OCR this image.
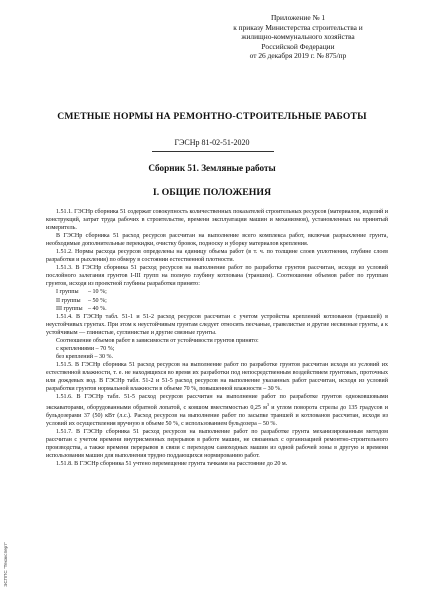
Приложение № 1
к приказу Министерства строительства и
жилищно-коммунального хозяйства
Российской Федерации
от 26 декабря 2019 г. № 875/пр
СМЕТНЫЕ НОРМЫ НА РЕМОНТНО-СТРОИТЕЛЬНЫЕ РАБОТЫ
ГЭСНр 81-02-51-2020
Сборник 51. Земляные работы
I. ОБЩИЕ ПОЛОЖЕНИЯ

1.51.1. ГЭСНр сборника 51 содержат совокупность количественных показателей строительных ресурсов (материалов, изделий и конструкций, затрат труда рабочих в строительстве, времени эксплуатации машин и механизмов), установленных на принятый измеритель.

В ГЭСНр сборника 51 расход ресурсов рассчитан на выполнение всего комплекса работ, включая разрыхление грунта, необходимые дополнительные перекидки, очистку бровок, подноску и уборку материалов крепления.

1.51.2. Нормы расхода ресурсов определены на единицу объема работ (в т. ч. по толщине слоев уплотнения, глубине слоев разработки и рыхления) по обмеру в состоянии естественной плотности.

1.51.3. В ГЭСНр сборника 51 расход ресурсов на выполнение работ по разработке грунтов рассчитан, исходя из условий послойного залегания грунтов I-III групп на полную глубину котлована (траншеи). Соотношение объемов работ по группам грунтов, исходя из проектной глубины разработки принято:

I группы	– 10 %;
II группы	– 50 %;
III группы – 40 %.

1.51.4. В ГЭСНр табл. 51-1 и 51-2 расход ресурсов рассчитан с учетом устройства креплений котлованов (траншей) в неустойчивых грунтах. При этом к неустойчивым грунтам следует относить песчаные, гравелистые и другие несвязные грунты, а к устойчивым — глинистые, суглинистые и другие связные грунты.

Соотношение объемов работ в зависимости от устойчивости грунтов принято:

с креплениями – 70 %;

без креплений – 30 %.

1.51.5. В ГЭСНр сборника 51 расход ресурсов на выполнение работ по разработке грунтов рассчитан исходя из условий их естественной влажности, т. е. не находящихся во время их разработки под непосредственным воздействием грунтовых, проточных или дождевых вод. В ГЭСНр табл. 51-2 и 51-5 расход ресурсов на выполнение указанных работ рассчитан, исходя из условий разработки грунтов нормальной влажности в объеме 70 %, повышенной влажности – 30 %.

1.51.6. В ГЭСНр табл. 51-5 расход ресурсов рассчитан на выполнение работ по разработке грунтов одноковшовыми экскаваторами, оборудованными обратной лопатой, с ковшом вместимостью 0,25 $м^3$ и углом поворота стрелы до 135 градусов и бульдозерами 37 (50) кВт (л.с.). Расход ресурсов на выполнение работ по засыпке траншей и котлованов рассчитан, исходя из условий их осуществления вручную в объеме 50 %, с использованием бульдозера – 50 %.

1.51.7. В ГЭСНр сборника 51 расход ресурсов на выполнение работ по разработке грунта механизированным методом рассчитан с учетом времени внутрисменных перерывов в работе машин, не связанных с организацией ремонтно-строительного производства, а также времени перерывов в связи с переходом самоходных машин из одной рабочей зоны в другую и времени использования машин для выполнения трудно поддающихся нормированию работ.

1.51.8. В ГЭСНр сборника 51 учтено перемещение грунта тачками на расстояние до 20 м.

ЭСППС "Техэксперт"
